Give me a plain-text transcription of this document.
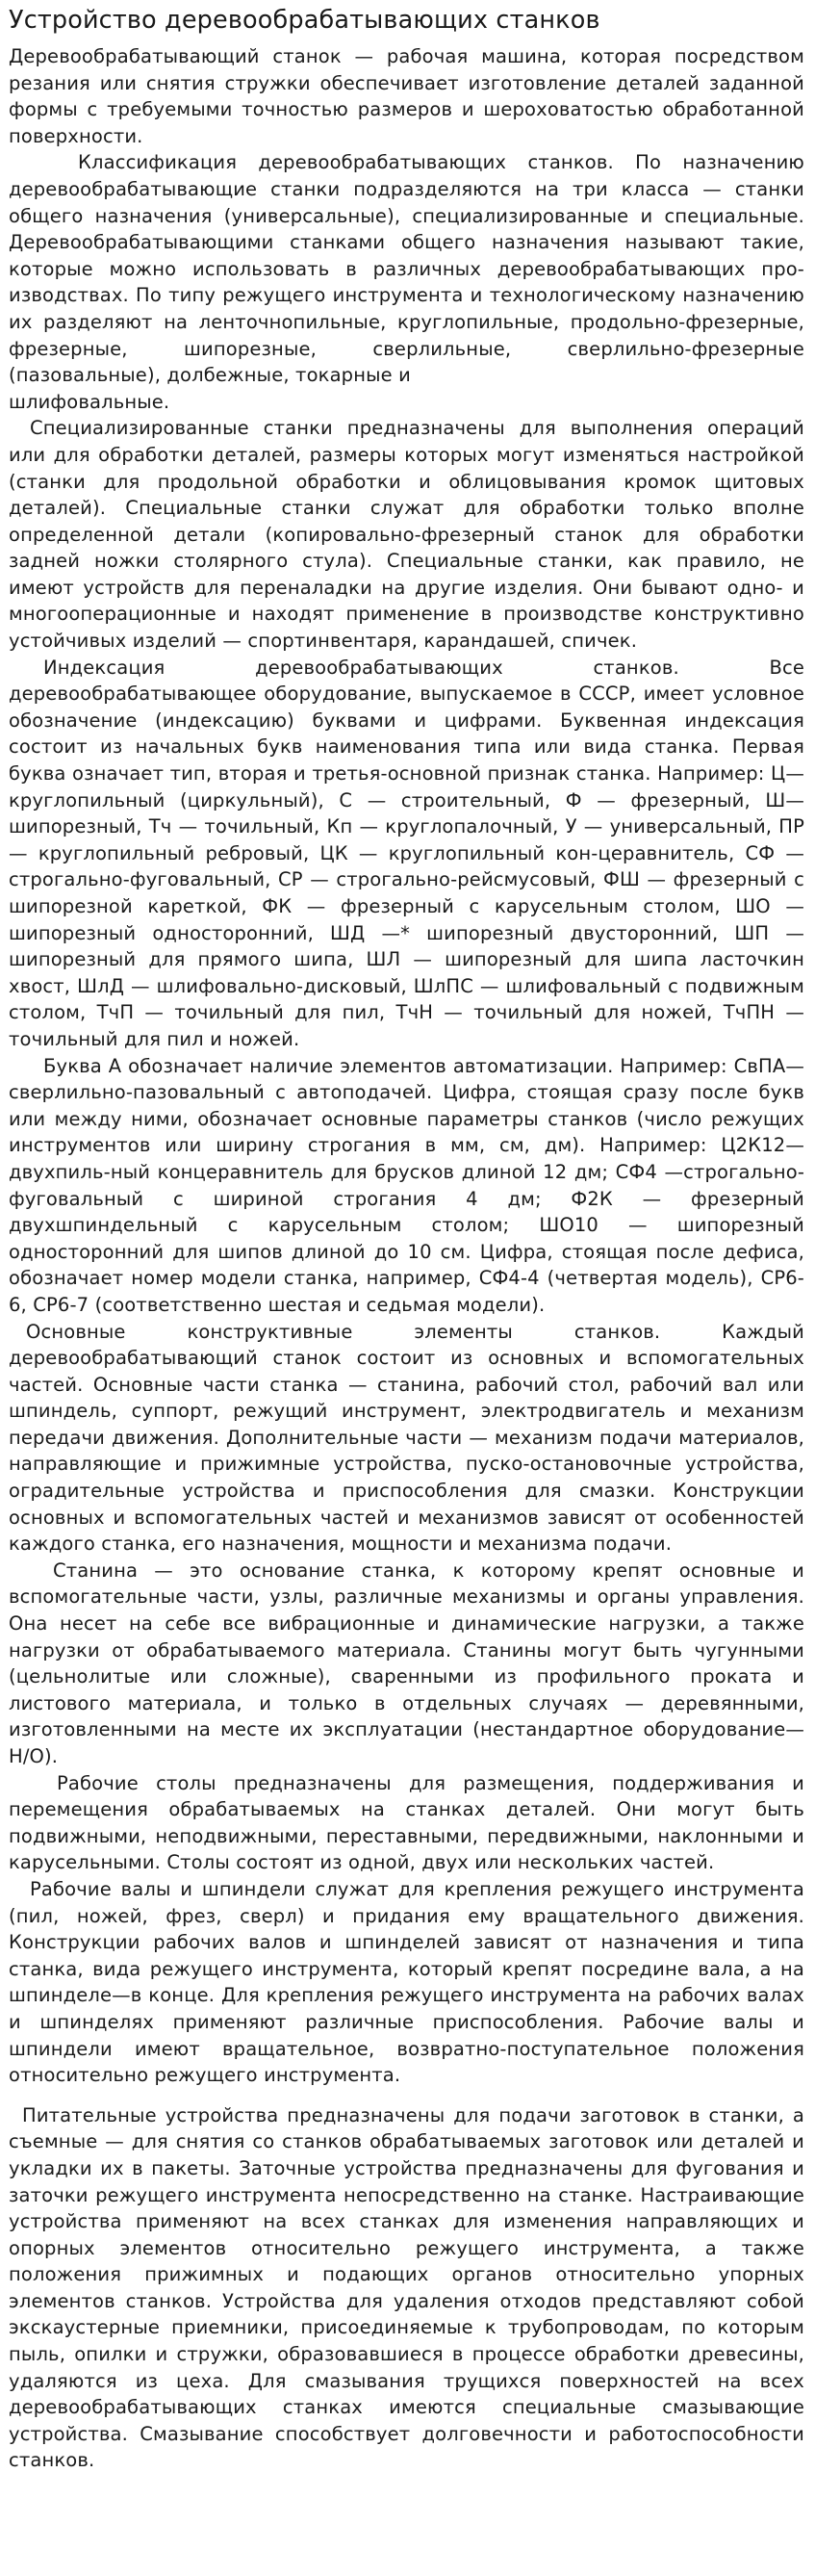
Устройство деревообрабатывающих станков

Деревообрабатывающий станок — рабочая машина, которая посредством резания или снятия стружки обеспечивает изготовление деталей заданной формы с требуемыми точностью размеров и шероховатостью обработанной поверхности.

Классификация деревообрабатывающих станков. По назначению деревообрабатывающие станки подразделяются на три класса — станки общего назначения (универсальные), специализированные и специальные. Деревообрабатывающими станками общего назначения называют такие, которые можно использовать в различных деревообрабатывающих про-изводствах. По типу режущего инструмента и технологическому назначению их разделяют на ленточнопильные, круглопильные, продольно-фрезерные, фрезерные, шипорезные, сверлильные, сверлильно-фрезерные (пазовальные), долбежные, токарные и

шлифовальные.

Специализированные станки предназначены для выполнения операций или для обработки деталей, размеры которых могут изменяться настройкой (станки для продольной обработки и облицовывания кромок щитовых деталей). Специальные станки служат для обработки только вполне определенной детали (копировально-фрезерный станок для обработки задней ножки столярного стула). Специальные станки, как правило, не имеют устройств для переналадки на другие изделия. Они бывают одно- и многооперационные и находят применение в производстве конструктивно устойчивых изделий — спортинвентаря, карандашей, спичек.

Индексация деревообрабатывающих станков. Все деревообрабатывающее оборудование, выпускаемое в СССР, имеет условное обозначение (индексацию) буквами и цифрами. Буквенная индексация состоит из начальных букв наименования типа или вида станка. Первая буква означает тип, вторая и третья-основной признак станка. Например: Ц—круглопильный (циркульный), С — строительный, Ф — фрезерный, Ш—шипорезный, Тч — точильный, Кп — круглопалочный, У — универсальный, ПР — круглопильный ребровый, ЦК — круглопильный кон-церавнитель, СФ — строгально-фуговальный, СР — строгально-рейсмусовый, ФШ — фрезерный с шипорезной кареткой, ФК — фрезерный с карусельным столом, ШО — шипорезный односторонний, ШД —* шипорезный двусторонний, ШП — шипорезный для прямого шипа, ШЛ — шипорезный для шипа ласточкин хвост, ШлД — шлифовально-дисковый, ШлПС — шлифовальный с подвижным столом, ТчП — точильный для пил, ТчН — точильный для ножей, ТчПН — точильный для пил и ножей.

Буква А обозначает наличие элементов автоматизации. Например: СвПА—сверлильно-пазовальный с автоподачей. Цифра, стоящая сразу после букв или между ними, обозначает основные параметры станков (число режущих инструментов или ширину строгания в мм, см, дм). Например: Ц2К12—двухпиль-ный концеравнитель для брусков длиной 12 дм; СФ4 —строгально-фуговальный с шириной строгания 4 дм; Ф2К — фрезерный двухшпиндельный с карусельным столом; ШО10 — шипорезный односторонний для шипов длиной до 10 см. Цифра, стоящая после дефиса, обозначает номер модели станка, например, СФ4-4 (четвертая модель), СР6-6, СР6-7 (соответственно шестая и седьмая модели).

Основные конструктивные элементы станков. Каждый деревообрабатывающий станок состоит из основных и вспомогательных частей. Основные части станка — станина, рабочий стол, рабочий вал или шпиндель, суппорт, режущий инструмент, электродвигатель и механизм передачи движения. Дополнительные части — механизм подачи материалов, направляющие и прижимные устройства, пуско-остановочные устройства, оградительные устройства и приспособления для смазки. Конструкции основных и вспомогательных частей и механизмов зависят от особенностей каждого станка, его назначения, мощности и механизма подачи.

Станина — это основание станка, к которому крепят основные и вспомогательные части, узлы, различные механизмы и органы управления. Она несет на себе все вибрационные и динамические нагрузки, а также нагрузки от обрабатываемого материала. Станины могут быть чугунными (цельнолитые или сложные), сваренными из профильного проката и листового материала, и только в отдельных случаях — деревянными, изготовленными на месте их эксплуатации (нестандартное оборудование— Н/О).

Рабочие столы предназначены для размещения, поддерживания и перемещения обрабатываемых на станках деталей. Они могут быть подвижными, неподвижными, переставными, передвижными, наклонными и карусельными. Столы состоят из одной, двух или нескольких частей.

Рабочие валы и шпиндели служат для крепления режущего инструмента (пил, ножей, фрез, сверл) и придания ему вращательного движения. Конструкции рабочих валов и шпинделей зависят от назначения и типа станка, вида режущего инструмента, который крепят посредине вала, а на шпинделе—в конце. Для крепления режущего инструмента на рабочих валах и шпинделях применяют различные приспособления. Рабочие валы и шпиндели имеют вращательное, возвратно-поступательное положения относительно режущего инструмента.

Питательные устройства предназначены для подачи заготовок в станки, а съемные — для снятия со станков обрабатываемых заготовок или деталей и укладки их в пакеты. Заточные устройства предназначены для фугования и заточки режущего инструмента непосредственно на станке. Настраивающие устройства применяют на всех станках для изменения направляющих и опорных элементов относительно режущего инструмента, а также положения прижимных и подающих органов относительно упорных элементов станков. Устройства для удаления отходов представляют собой экскаустерные приемники, присоединяемые к трубопроводам, по которым пыль, опилки и стружки, образовавшиеся в процессе обработки древесины, удаляются из цеха. Для смазывания трущихся поверхностей на всех деревообрабатывающих станках имеются специальные смазывающие устройства. Смазывание способствует долговечности и работоспособности станков.
